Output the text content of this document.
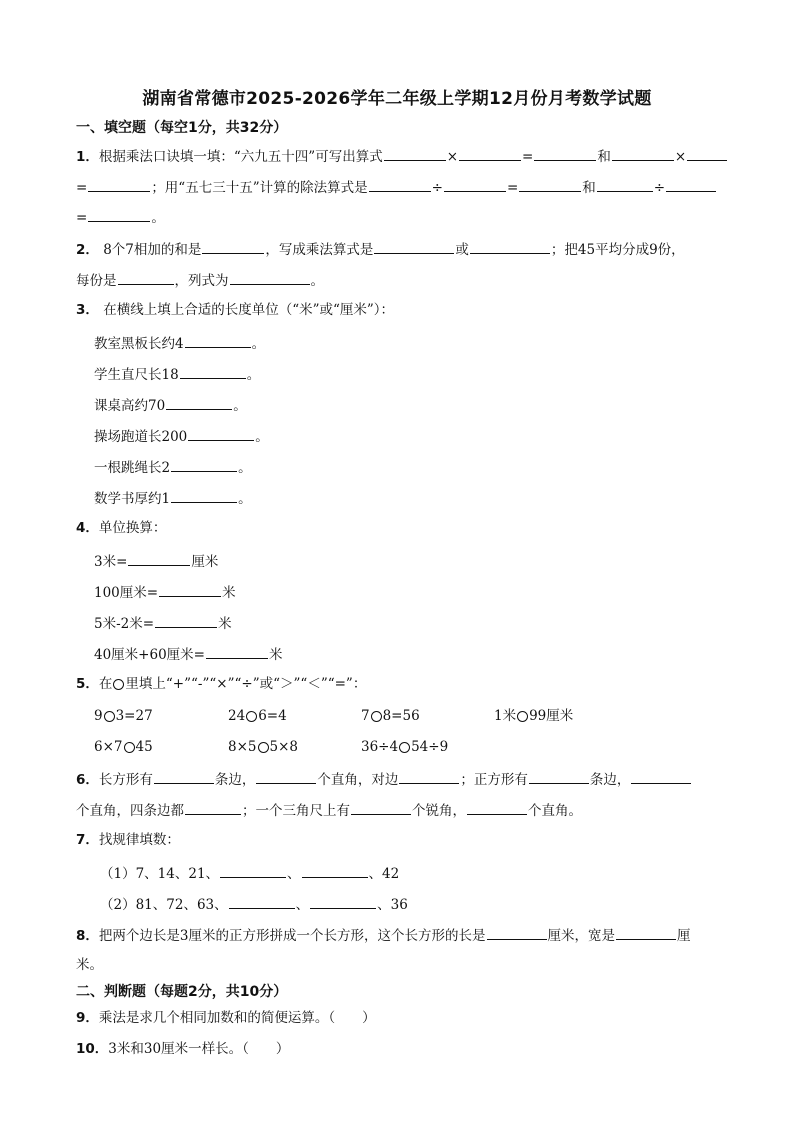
湖南省常德市2025-2026学年二年级上学期12月份月考数学试题
一、填空题（每空1分，共32分）
1．根据乘法口诀填一填：“六九五十四”可写出算式	×	=	和	×
=	；用“五七三十五”计算的除法算式是	÷	=	和	÷
=	。
2． 8个7相加的和是	，写成乘法算式是	或	；把45平均分成9份，
每份是	，列式为	。
3． 在横线上填上合适的长度单位（“米”或“厘米”）：
教室黑板长约4	。
学生直尺长18	。
课桌高约70	。
操场跑道长200	。
一根跳绳长2	。
数学书厚约1	。
4．单位换算：
3米=	厘米
100厘米=	米
5米-2米=	米
40厘米+60厘米=	米
5．在 里填上“+”“-”“×”“÷”或“＞”“＜”“=”：
9 3=27	24 6=4	7 8=56	1米 99厘米
6×7 45	8×5 5×8	36÷4 54÷9
6．长方形有	条边，	个直角，对边	；正方形有	条边，
个直角，四条边都	；一个三角尺上有	个锐角，	个直角。
7．找规律填数：
（1）7、14、21、	、	、42
（2）81、72、63、	、	、36
8．把两个边长是3厘米的正方形拼成一个长方形，这个长方形的长是	厘米，宽是	厘
米。
二、判断题（每题2分，共10分）
9．乘法是求几个相同加数和的简便运算。（　　）
10．3米和30厘米一样长。（　　）
